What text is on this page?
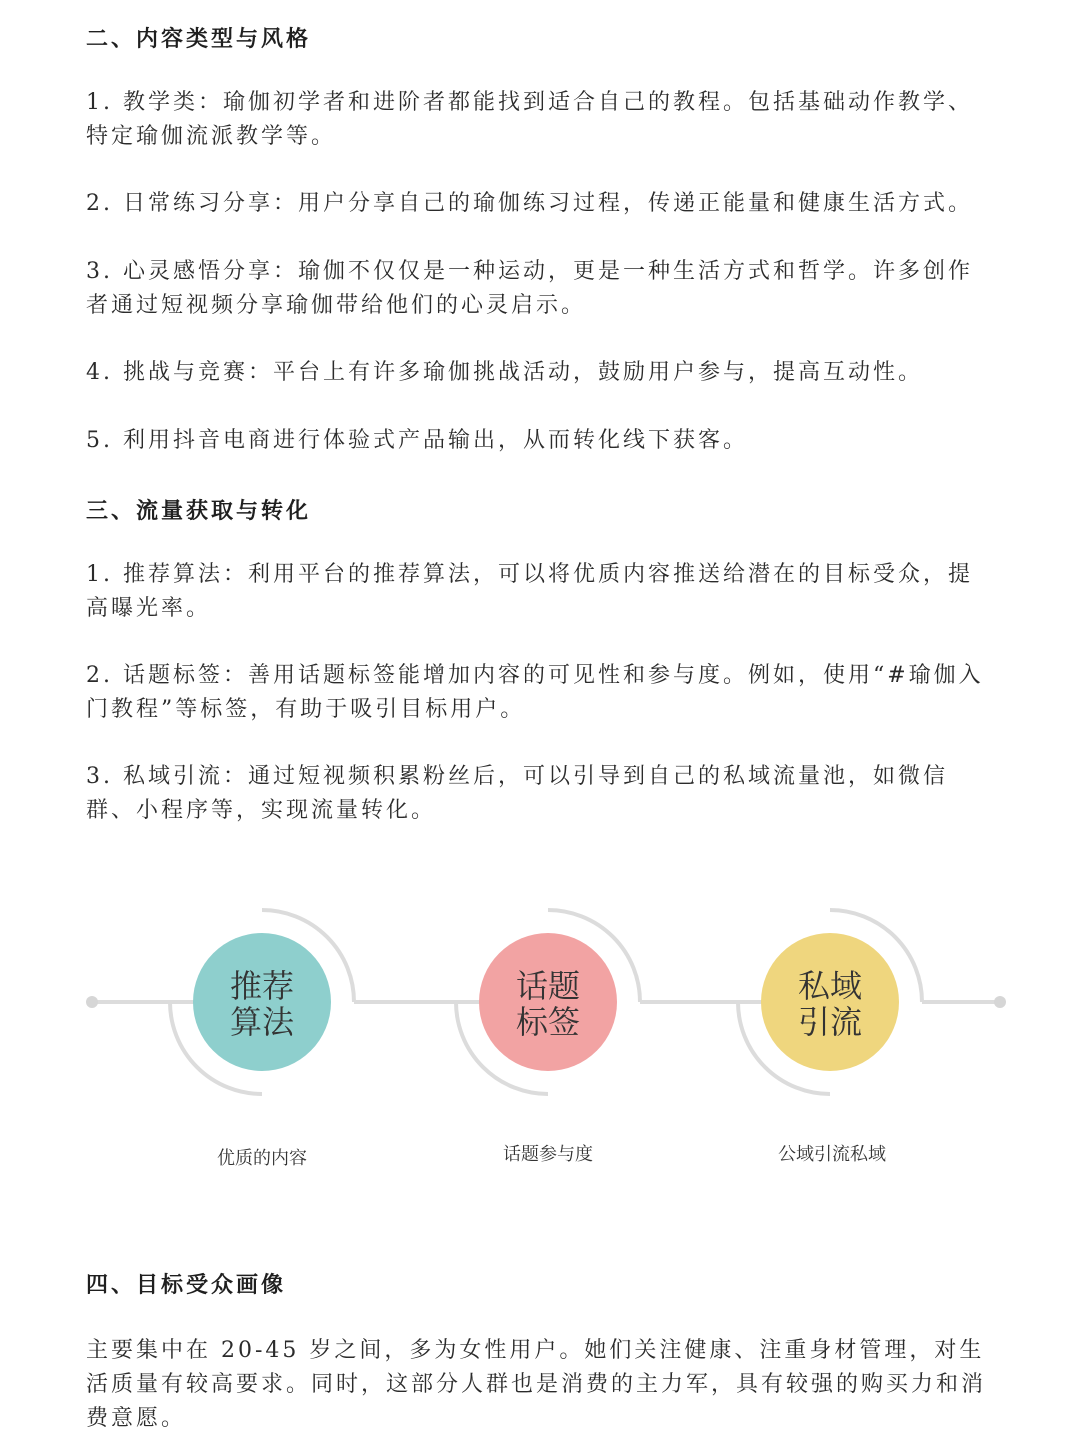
二、内容类型与风格
1. 教学类：瑜伽初学者和进阶者都能找到适合自己的教程。包括基础动作教学、特定瑜伽流派教学等。
2. 日常练习分享：用户分享自己的瑜伽练习过程，传递正能量和健康生活方式。
3. 心灵感悟分享：瑜伽不仅仅是一种运动，更是一种生活方式和哲学。许多创作者通过短视频分享瑜伽带给他们的心灵启示。
4. 挑战与竞赛：平台上有许多瑜伽挑战活动，鼓励用户参与，提高互动性。
5. 利用抖音电商进行体验式产品输出，从而转化线下获客。
三、流量获取与转化
1. 推荐算法：利用平台的推荐算法，可以将优质内容推送给潜在的目标受众，提高曝光率。
2. 话题标签：善用话题标签能增加内容的可见性和参与度。例如，使用“#瑜伽入门教程”等标签，有助于吸引目标用户。
3. 私域引流：通过短视频积累粉丝后，可以引导到自己的私域流量池，如微信群、小程序等，实现流量转化。
推荐
算法
话题
标签
私域
引流
优质的内容	话题参与度	公域引流私域
四、目标受众画像
主要集中在 20-45 岁之间，多为女性用户。她们关注健康、注重身材管理，对生活质量有较高要求。同时，这部分人群也是消费的主力军，具有较强的购买力和消费意愿。
